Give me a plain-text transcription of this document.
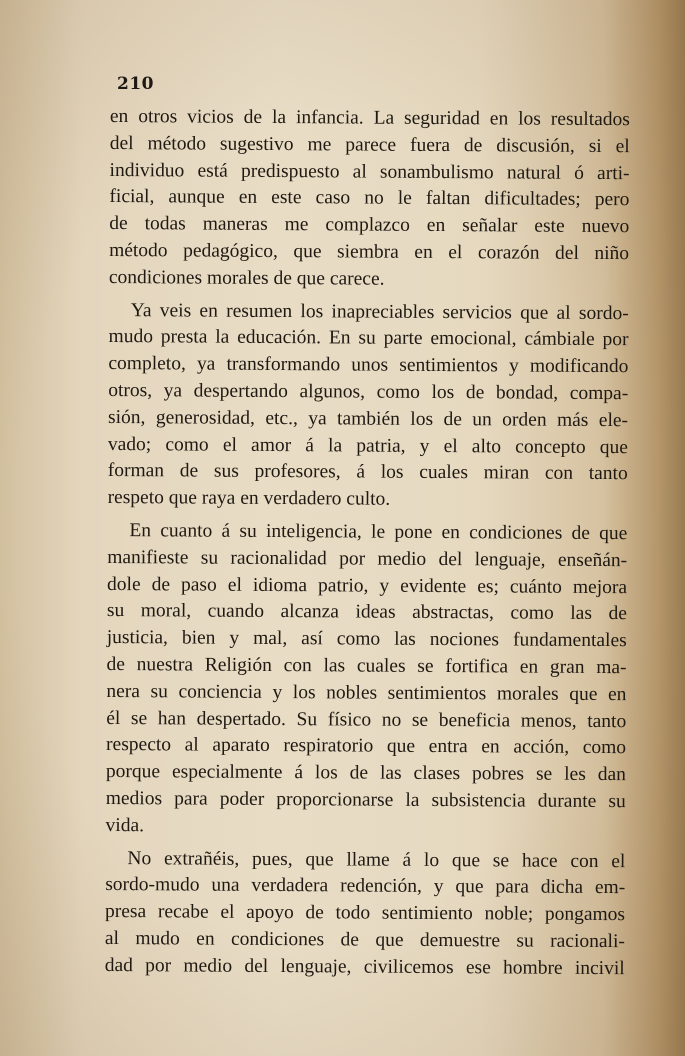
210
en otros vicios de la infancia. La seguridad en los resultados
del método sugestivo me parece fuera de discusión, si el
individuo está predispuesto al sonambulismo natural ó arti-
ficial, aunque en este caso no le faltan dificultades; pero
de todas maneras me complazco en señalar este nuevo
método pedagógico, que siembra en el corazón del niño
condiciones morales de que carece.
Ya veis en resumen los inapreciables servicios que al sordo-
mudo presta la educación. En su parte emocional, cámbiale por
completo, ya transformando unos sentimientos y modificando
otros, ya despertando algunos, como los de bondad, compa-
sión, generosidad, etc., ya también los de un orden más ele-
vado; como el amor á la patria, y el alto concepto que
forman de sus profesores, á los cuales miran con tanto
respeto que raya en verdadero culto.
En cuanto á su inteligencia, le pone en condiciones de que
manifieste su racionalidad por medio del lenguaje, enseñán-
dole de paso el idioma patrio, y evidente es; cuánto mejora
su moral, cuando alcanza ideas abstractas, como las de
justicia, bien y mal, así como las nociones fundamentales
de nuestra Religión con las cuales se fortifica en gran ma-
nera su conciencia y los nobles sentimientos morales que en
él se han despertado. Su físico no se beneficia menos, tanto
respecto al aparato respiratorio que entra en acción, como
porque especialmente á los de las clases pobres se les dan
medios para poder proporcionarse la subsistencia durante su
vida.
No extrañéis, pues, que llame á lo que se hace con el
sordo-mudo una verdadera redención, y que para dicha em-
presa recabe el apoyo de todo sentimiento noble; pongamos
al mudo en condiciones de que demuestre su racionali-
dad por medio del lenguaje, civilicemos ese hombre incivil
